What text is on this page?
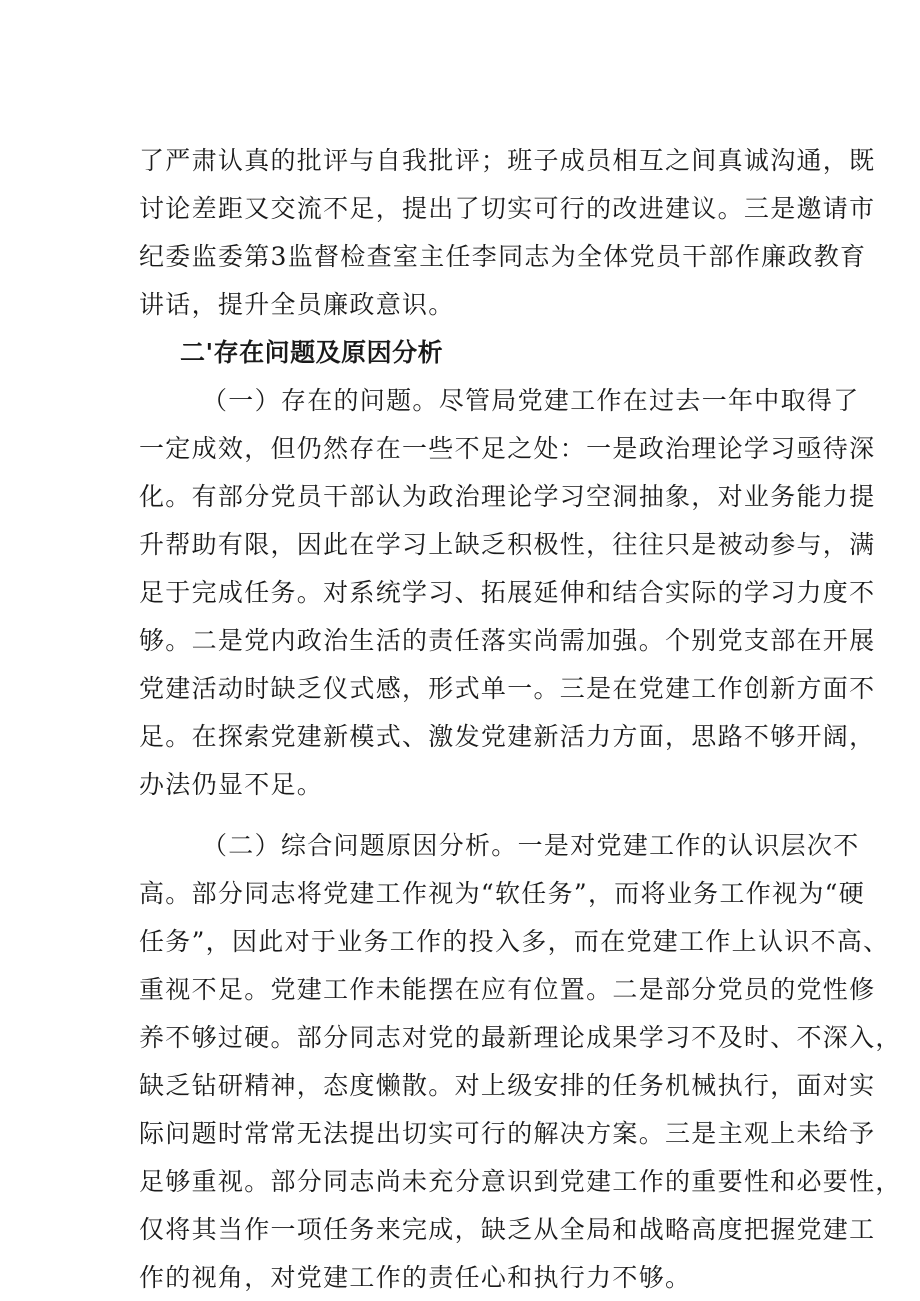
了严肃认真的批评与自我批评；班子成员相互之间真诚沟通，既
讨论差距又交流不足，提出了切实可行的改进建议。三是邀请市
纪委监委第3监督检查室主任李同志为全体党员干部作廉政教育
讲话，提升全员廉政意识。
二'存在问题及原因分析
（一）存在的问题。尽管局党建工作在过去一年中取得了
一定成效，但仍然存在一些不足之处：一是政治理论学习亟待深
化。有部分党员干部认为政治理论学习空洞抽象，对业务能力提
升帮助有限，因此在学习上缺乏积极性，往往只是被动参与，满
足于完成任务。对系统学习、拓展延伸和结合实际的学习力度不
够。二是党内政治生活的责任落实尚需加强。个别党支部在开展
党建活动时缺乏仪式感，形式单一。三是在党建工作创新方面不
足。在探索党建新模式、激发党建新活力方面，思路不够开阔，
办法仍显不足。
（二）综合问题原因分析。一是对党建工作的认识层次不
高。部分同志将党建工作视为“软任务”，而将业务工作视为“硬
任务”，因此对于业务工作的投入多，而在党建工作上认识不高、
重视不足。党建工作未能摆在应有位置。二是部分党员的党性修
养不够过硬。部分同志对党的最新理论成果学习不及时、不深入，
缺乏钻研精神，态度懒散。对上级安排的任务机械执行，面对实
际问题时常常无法提出切实可行的解决方案。三是主观上未给予
足够重视。部分同志尚未充分意识到党建工作的重要性和必要性，
仅将其当作一项任务来完成，缺乏从全局和战略高度把握党建工
作的视角，对党建工作的责任心和执行力不够。
